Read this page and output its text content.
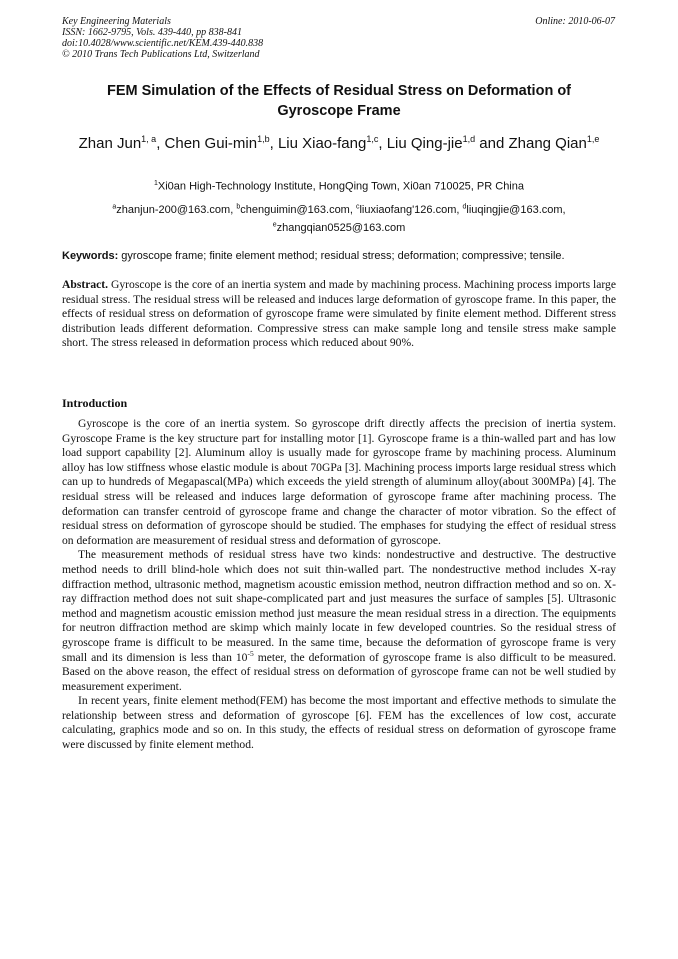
Key Engineering Materials
ISSN: 1662-9795, Vols. 439-440, pp 838-841
doi:10.4028/www.scientific.net/KEM.439-440.838
© 2010 Trans Tech Publications Ltd, Switzerland
Online: 2010-06-07
FEM Simulation of the Effects of Residual Stress on Deformation of Gyroscope Frame
Zhan Jun$^{1, a}$, Chen Gui-$\min^{1,b}$, Liu Xiao-fang$^{1,c}$, Liu Qing-jie$^{1,d}$ and Zhang Qian$^{1,e}$
$^1$Xi0an High-Technology Institute, HongQing Town, Xi0an 710025, PR China
$^a$zhanjun-200@163.com, $^b$chenguimin@163.com, $^c$liuxiaofang'126.com, $^d$liuqingjie@163.com,
$^e$zhangqian0525@163.com
Keywords: gyroscope frame; finite element method; residual stress; deformation; compressive; tensile.
Abstract. Gyroscope is the core of an inertia system and made by machining process. Machining process imports large residual stress. The residual stress will be released and induces large deformation of gyroscope frame. In this paper, the effects of residual stress on deformation of gyroscope frame were simulated by finite element method. Different stress distribution leads different deformation. Compressive stress can make sample long and tensile stress make sample short. The stress released in deformation process which reduced about 90%.
Introduction

Gyroscope is the core of an inertia system. So gyroscope drift directly affects the precision of inertia system. Gyroscope Frame is the key structure part for installing motor [1]. Gyroscope frame is a thin-walled part and has low load support capability [2]. Aluminum alloy is usually made for gyroscope frame by machining process. Aluminum alloy has low stiffness whose elastic module is about 70GPa [3]. Machining process imports large residual stress which can up to hundreds of Megapascal(MPa) which exceeds the yield strength of aluminum alloy(about 300MPa) [4]. The residual stress will be released and induces large deformation of gyroscope frame after machining process. The deformation can transfer centroid of gyroscope frame and change the character of motor vibration. So the effect of residual stress on deformation of gyroscope should be studied. The emphases for studying the effect of residual stress on deformation are measurement of residual stress and deformation of gyroscope.

The measurement methods of residual stress have two kinds: nondestructive and destructive. The destructive method needs to drill blind-hole which does not suit thin-walled part. The nondestructive method includes X-ray diffraction method, ultrasonic method, magnetism acoustic emission method, neutron diffraction method and so on. X-ray diffraction method does not suit shape-complicated part and just measures the surface of samples [5]. Ultrasonic method and magnetism acoustic emission method just measure the mean residual stress in a direction. The equipments for neutron diffraction method are skimp which mainly locate in few developed countries. So the residual stress of gyroscope frame is difficult to be measured. In the same time, because the deformation of gyroscope frame is very small and its dimension is less than $10^{-5}$ meter, the deformation of gyroscope frame is also difficult to be measured. Based on the above reason, the effect of residual stress on deformation of gyroscope frame can not be well studied by measurement experiment.

In recent years, finite element method(FEM) has become the most important and effective methods to simulate the relationship between stress and deformation of gyroscope [6]. FEM has the excellences of low cost, accurate calculating, graphics mode and so on. In this study, the effects of residual stress on deformation of gyroscope frame were discussed by finite element method.
